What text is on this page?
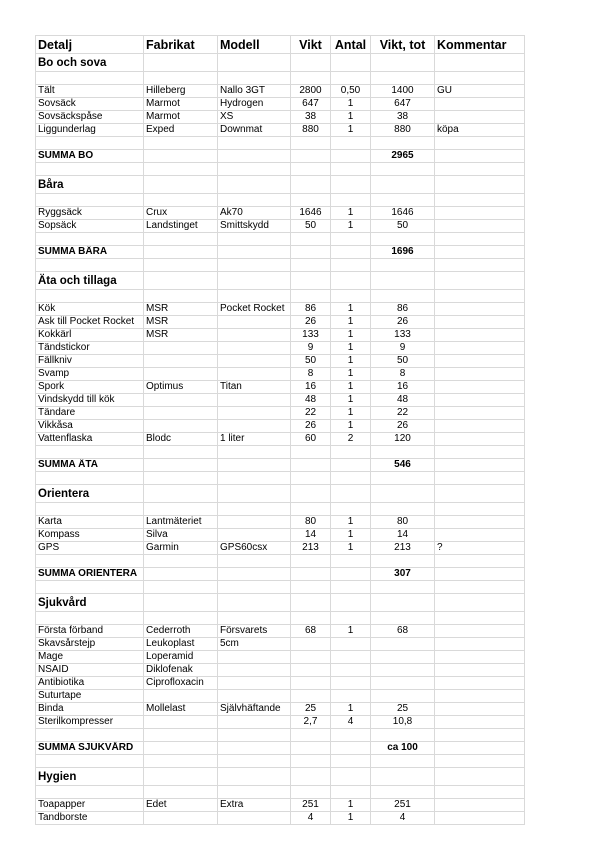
Detalj	Fabrikat	Modell	Vikt	Antal	Vikt, tot	Kommentar
Bo och sova						

Tält	Hilleberg	Nallo 3GT	2800	0,50	1400	GU
Sovsäck	Marmot	Hydrogen	647	1	647	
Sovsäckspåse	Marmot	XS	38	1	38	
Liggunderlag	Exped	Downmat	880	1	880	köpa

SUMMA BO					2965	

Båra						

Ryggsäck	Crux	Ak70	1646	1	1646	
Sopsäck	Landstinget	Smittskydd	50	1	50	

SUMMA BÄRA					1696	

Äta och tillaga						

Kök	MSR	Pocket Rocket	86	1	86	
Ask till Pocket Rocket	MSR		26	1	26	
Kokkärl	MSR		133	1	133	
Tändstickor			9	1	9	
Fällkniv			50	1	50	
Svamp			8	1	8	
Spork	Optimus	Titan	16	1	16	
Vindskydd till kök			48	1	48	
Tändare			22	1	22	
Vikkåsa			26	1	26	
Vattenflaska	Blodc	1 liter	60	2	120	

SUMMA ÄTA					546	

Orientera						

Karta	Lantmäteriet		80	1	80	
Kompass	Silva		14	1	14	
GPS	Garmin	GPS60csx	213	1	213	?

SUMMA ORIENTERA					307	

Sjukvård						

Första förband	Cederroth	Försvarets	68	1	68	
Skavsårstejp	Leukoplast	5cm				
Mage	Loperamid					
NSAID	Diklofenak					
Antibiotika	Ciprofloxacin					
Suturtape						
Binda	Mollelast	Självhäftande	25	1	25	
Sterilkompresser			2,7	4	10,8	

SUMMA SJUKVÅRD					ca 100	

Hygien						

Toapapper	Edet	Extra	251	1	251	
Tandborste			4	1	4	
